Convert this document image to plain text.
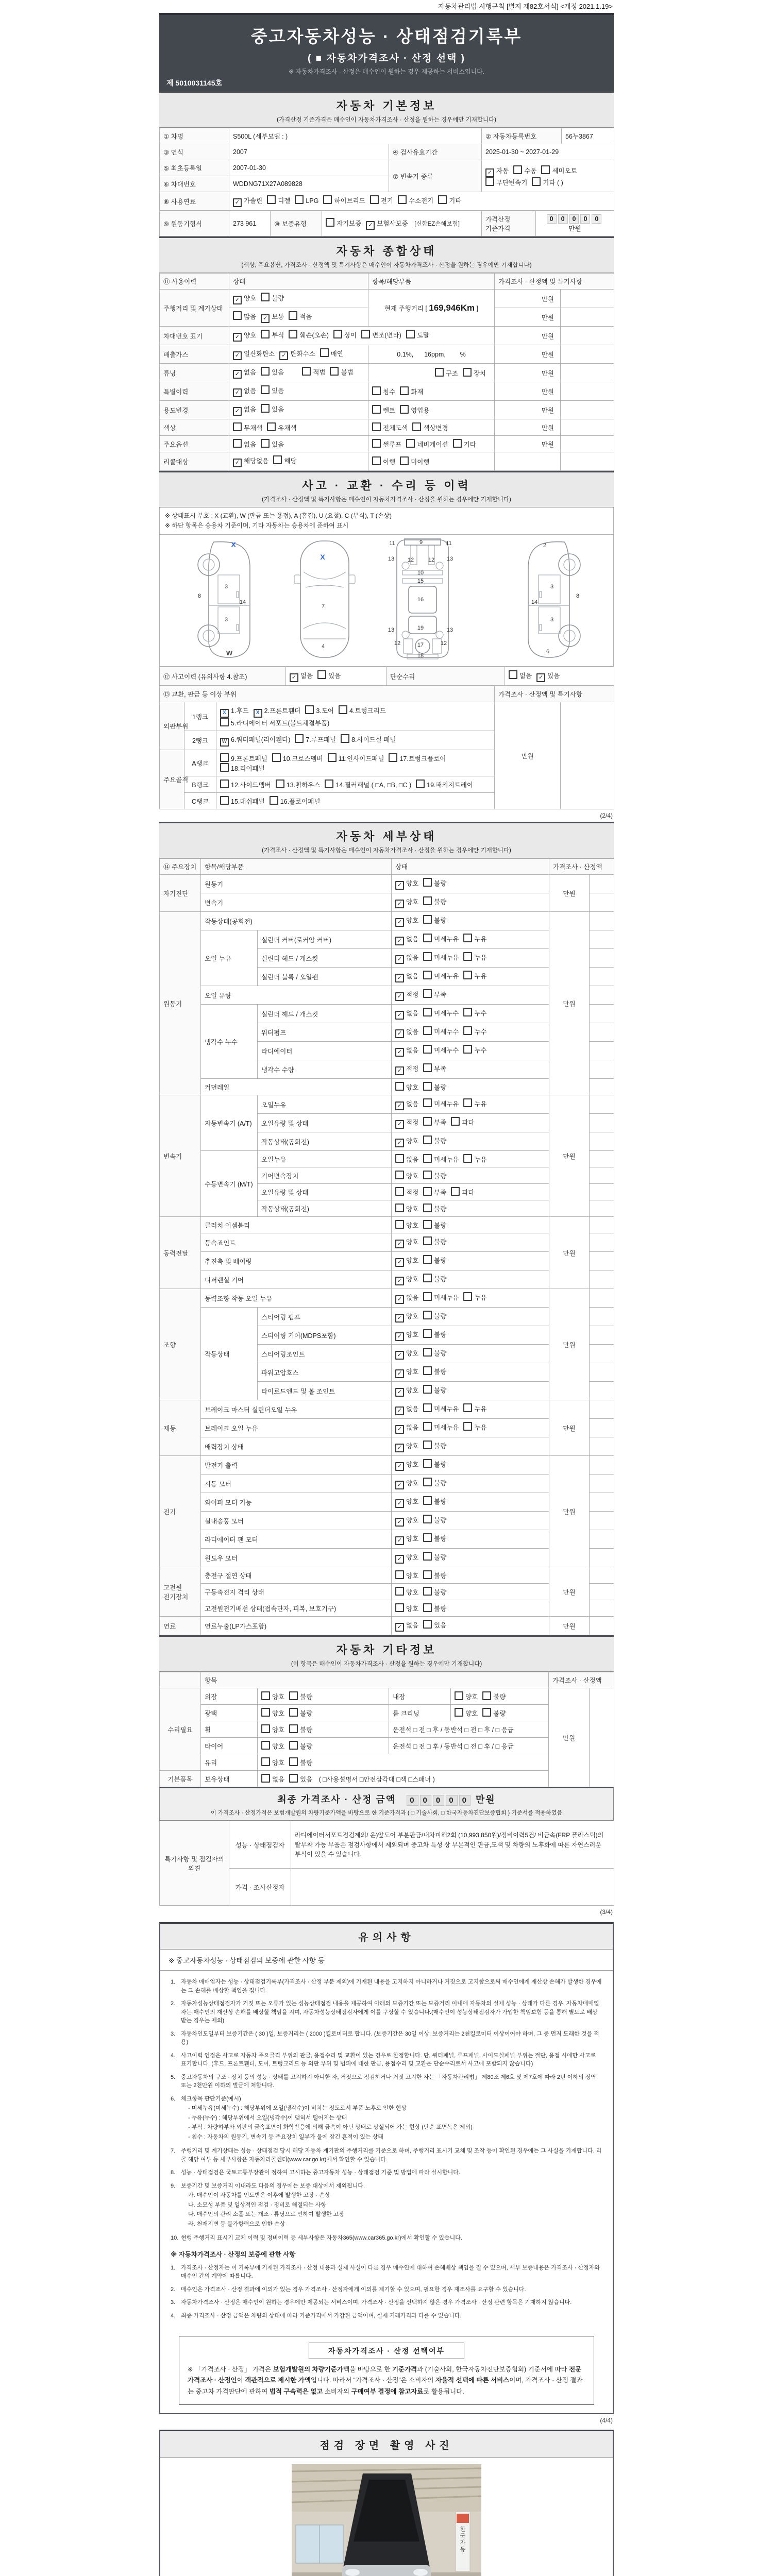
자동차관리법 시행규칙 [별지 제82호서식] <개정 2021.1.19>
중고자동차성능 · 상태점검기록부
( ■ 자동차가격조사 · 산정 선택 )
※ 자동차가격조사 · 산정은 매수인이 원하는 경우 제공하는 서비스입니다.
제 5010031145호
자동차 기본정보
(가격산정 기준가격은 매수인이 자동차가격조사 · 산정을 원하는 경우에만 기재합니다)
① 차명	S500L (세부모델 : )		② 자동차등록번호	56누3867
③ 연식	2007	④ 검사유효기간	2025-01-30 ~ 2027-01-29	
⑤ 최초등록일	2007-01-30	⑦ 변속기 종류	✓ 자동 수동 세미오토
무단변속기 기타 ( )	
⑥ 차대번호	WDDNG71X27A089828			
⑧ 사용연료	✓ 가솔린 디젤 LPG 하이브리드 전기 수소전기 기타			
⑨ 원동기형식	273 961	⑩ 보증유형	자기보증 ✓ 보험사보증 [신한EZ손해보험]	가격산정 기준가격	0 0 0 0 0 만원
자동차 종합상태
(색상, 주요옵션, 가격조사 · 산정액 및 특기사항은 매수인이 자동차가격조사 · 산정을 원하는 경우에만 기재합니다)
⑪ 사용이력	상태	항목/해당부품	가격조사 · 산정액 및 특기사항	
주행거리 및 계기상태	✓ 양호 불량	현재 주행거리 [ 169,946Km ]	만원	
	많음 ✓ 보통 적음		만원	
차대번호 표기	✓ 양호 부식 훼손(오손) 상이 변조(변타) 도말		만원	
배출가스	✓ 일산화탄소 ✓ 탄화수소 매연	0.1%,      16ppm,        %	만원	
튜닝	✓ 없음 있음 적법 불법	구조 장치	만원	
특별이력	✓ 없음 있음	침수 화재	만원	
용도변경	✓ 없음 있음	렌트 영업용	만원	
색상	무채색 유채색	전체도색 색상변경	만원	
주요옵션	없음 있음	썬루프 네비게이션 기타	만원	
리콜대상	✓ 해당없음 해당	이행 미이행		
사고 · 교환 · 수리 등 이력
(가격조사 · 산정액 및 특기사항은 매수인이 자동차가격조사 · 산정을 원하는 경우에만 기재합니다)
※ 상태표시 부호 : X (교환), W (판금 또는 용접), A (흠집), U (요철), C (부식), T (손상)
※ 하단 항목은 승용차 기준이며, 기타 자동차는 승용차에 준하여 표시
X
8
3
3
14
W
X
7
4
11	9	11
13 12	12 13
10
15
16
13	19	13
12	17	12
18
2
8
3
3
14
6
⑫ 사고이력 (유의사항 4.참조)	✓ 없음 있음	단순수리	없음 ✓ 있음
⑬ 교환, 판금 등 이상 부위			가격조사 · 산정액 및 특기사항	
외판부위	1랭크	X 1.후드 X 2.프론트휀더 3.도어 4.트렁크리드5.라디에이터 서포트(볼트체결부품)	만원	
	2랭크	W 6.쿼터패널(리어휀다) 7.루프패널 8.사이드실 패널		
주요골격	A랭크	9.프론트패널 10.크로스멤버 11.인사이드패널 17.트렁크플로어18.리어패널		
	B랭크	12.사이드멤버 13.휠하우스 14.필러패널 ( □A, □B, □C ) 19.패키지트레이		
	C랭크	15.대쉬패널 16.플로어패널		
(2/4)
자동차 세부상태
(가격조사 · 산정액 및 특기사항은 매수인이 자동차가격조사 · 산정을 원하는 경우에만 기재합니다)
⑭ 주요장치	항목/해당부품		상태	가격조사 · 산정액	
자기진단	원동기		✓ 양호 불량	만원	
	변속기		✓ 양호 불량		
원동기	작동상태(공회전)		✓ 양호 불량	만원	
	오일 누유	실린더 커버(로커암 커버)	✓ 없음 미세누유 누유		
		실린더 헤드 / 개스킷	✓ 없음 미세누유 누유		
		실린더 블록 / 오일팬	✓ 없음 미세누유 누유		
	오일 유량		✓ 적정 부족		
	냉각수 누수	실린더 헤드 / 개스킷	✓ 없음 미세누수 누수		
		워터펌프	✓ 없음 미세누수 누수		
		라디에이터	✓ 없음 미세누수 누수		
		냉각수 수량	✓ 적정 부족		
	커먼레일		양호 불량		
변속기	자동변속기 (A/T)	오일누유	✓ 없음 미세누유 누유	만원	
		오일유량 및 상태	✓ 적정 부족 과다		
		작동상태(공회전)	✓ 양호 불량		
	수동변속기 (M/T)	오일누유	없음 미세누유 누유		
		기어변속장치	양호 불량		
		오일유량 및 상태	적정 부족 과다		
		작동상태(공회전)	양호 불량		
동력전달	클러치 어셈블리		양호 불량	만원	
	등속죠인트		✓ 양호 불량		
	추진축 및 베어링		✓ 양호 불량		
	디퍼렌셜 기어		✓ 양호 불량		
조향	동력조향 작동 오일 누유		✓ 없음 미세누유 누유	만원	
	작동상태	스티어링 펌프	✓ 양호 불량		
		스티어링 기어(MDPS포함)	✓ 양호 불량		
		스티어링조인트	✓ 양호 불량		
		파워고압호스	✓ 양호 불량		
		타이로드엔드 및 볼 조인트	✓ 양호 불량		
제동	브레이크 마스터 실린더오일 누유		✓ 없음 미세누유 누유	만원	
	브레이크 오일 누유		✓ 없음 미세누유 누유		
	배력장치 상태		✓ 양호 불량		
전기	발전기 출력		✓ 양호 불량	만원	
	시동 모터		✓ 양호 불량		
	와이퍼 모터 기능		✓ 양호 불량		
	실내송풍 모터		✓ 양호 불량		
	라디에이터 팬 모터		✓ 양호 불량		
	윈도우 모터		✓ 양호 불량		
고전원 전기장치	충전구 절연 상태		양호 불량	만원	
	구동축전지 격리 상태		양호 불량		
	고전원전기배선 상태(접속단자, 피복, 보호기구)		양호 불량		
연료	연료누출(LP가스포함)		✓ 없음 있음	만원	
자동차 기타정보
(이 항목은 매수인이 자동차가격조사 · 산정을 원하는 경우에만 기재합니다)
	항목				가격조사 · 산정액	
수리필요	외장	양호 불량	내장	양호 불량	만원	
	광택	양호 불량	룸 크리닝	양호 불량		
	휠	양호 불량	운전석 □ 전 □ 후 / 동반석 □ 전 □ 후 / □ 응급			
	타이어	양호 불량	운전석 □ 전 □ 후 / 동반석 □ 전 □ 후 / □ 응급			
	유리	양호 불량				
기본품목	보유상태	없음 있음 ( □사용설명서 □안전삼각대 □잭 □스패너 )				
최종 가격조사 · 산정 금액 0 0 0 0 0 만원
이 가격조사 · 산정가격은 보험개발원의 차량기준가액을 바탕으로 한 기준가격과 ( □ 기술사회, □ 한국자동차진단보증협회 ) 기준서를 적용하였음
특기사항 및 점검자의 의견	성능 · 상태점검자	라디에이터서포트점검제외/ 운)앞도어 부분판금/내차피해2회 (10,993,850원)/정비이력5건/ 비금속(FRP 플라스틱)의 탈부착 가능 부품은 점검사항에서 제외되며 중고차 특성 상 부분적인 판금,도색 및 차량의 노후화에 따른 자연스러운 부식이 있을 수 있습니다.
	가격 · 조사산정자	
(3/4)
유의사항
※ 중고자동차성능 · 상태점검의 보증에 관한 사항 등
1. 자동차 매매업자는 성능 · 상태점검기록부(가격조사 · 산정 부분 제외)에 기재된 내용을 고지하지 아니하거나 거짓으로 고지함으로써 매수인에게 재산상 손해가 발생한 경우에는 그 손해를 배상할 책임을 집니다.
2. 자동차성능상태점검자가 거짓 또는 오류가 있는 성능상태점검 내용을 제공하여 아래의 보증기간 또는 보증거리 이내에 자동차의 실제 성능 · 상태가 다른 경우, 자동차매매업자는 매수인의 재산상 손해를 배상할 책임을 지며, 자동차성능상태점검자에게 이를 구상할 수 있습니다.(매수인이 성능상태점검자가 가입한 책임보험 등을 통해 별도로 배상받는 경우는 제외)
3. 자동차인도일부터 보증기간은 ( 30 )일, 보증거리는 ( 2000 )킬로미터로 합니다. (보증기간은 30일 이상, 보증거리는 2천킬로미터 이상이어야 하며, 그 중 먼저 도래한 것을 적용)
4. 사고이력 인정은 사고로 자동차 주요골격 부위의 판금, 용접수리 및 교환이 있는 경우로 한정합니다. 단, 쿼터패널, 루프패널, 사이드실패널 부위는 절단, 용접 시에만 사고로 표기합니다. (후드, 프론트휀더, 도어, 트렁크리드 등 외판 부위 및 범퍼에 대한 판금, 용접수리 및 교환은 단순수리로서 사고에 포함되지 않습니다)
5. 중고자동차의 구조 · 장치 등의 성능 · 상태를 고지하지 아니한 자, 거짓으로 점검하거나 거짓 고지한 자는 「자동차관리법」 제80조 제6호 및 제7호에 따라 2년 이하의 징역 또는 2천만원 이하의 벌금에 처합니다.
6. 체크항목 판단기준(예시)
- 미세누유(미세누수) : 해당부위에 오일(냉각수)이 비치는 정도로서 부품 노후로 인한 현상
- 누유(누수) : 해당부위에서 오일(냉각수)이 맺혀서 떨어지는 상태
- 부식 : 차량하부와 외판의 금속표면이 화학반응에 의해 금속이 아닌 상태로 상실되어 가는 현상 (단순 표면녹은 제외)
- 침수 : 자동차의 원동기, 변속기 등 주요장치 일부가 물에 잠긴 흔적이 있는 상태
7. 주행거리 및 계기상태는 성능 · 상태점검 당시 해당 자동차 계기판의 주행거리를 기준으로 하며, 주행거리 표시기 교체 및 조작 등이 확인된 경우에는 그 사실을 기재합니다. 리콜 해당 여부 등 세부사항은 자동차리콜센터(www.car.go.kr)에서 확인할 수 있습니다.
8. 성능 · 상태점검은 국토교통부장관이 정하여 고시하는 중고자동차 성능 · 상태점검 기준 및 방법에 따라 실시합니다.
9. 보증기간 및 보증거리 이내라도 다음의 경우에는 보증 대상에서 제외됩니다.
가. 매수인이 자동차를 인도받은 이후에 발생한 고장 · 손상
나. 소모성 부품 및 일상적인 점검 · 정비로 해결되는 사항
다. 매수인의 관리 소홀 또는 개조 · 튜닝으로 인하여 발생한 고장
라. 천재지변 등 불가항력으로 인한 손상
10. 현행 주행거리 표시기 교체 이력 및 정비이력 등 세부사항은 자동차365(www.car365.go.kr)에서 확인할 수 있습니다.
※ 자동차가격조사 · 산정의 보증에 관한 사항
1. 가격조사 · 산정자는 이 기록부에 기재된 가격조사 · 산정 내용과 실제 사실이 다른 경우 매수인에 대하여 손해배상 책임을 질 수 있으며, 세부 보증내용은 가격조사 · 산정자와 매수인 간의 계약에 따릅니다.
2. 매수인은 가격조사 · 산정 결과에 이의가 있는 경우 가격조사 · 산정자에게 이의를 제기할 수 있으며, 필요한 경우 재조사를 요구할 수 있습니다.
3. 자동차가격조사 · 산정은 매수인이 원하는 경우에만 제공되는 서비스이며, 가격조사 · 산정을 선택하지 않은 경우 가격조사 · 산정 관련 항목은 기재하지 않습니다.
4. 최종 가격조사 · 산정 금액은 차량의 상태에 따라 기준가격에서 가감된 금액이며, 실제 거래가격과 다를 수 있습니다.
자동차가격조사 · 산정 선택여부
※ 「가격조사 · 산정」 가격은 보험개발원의 차량기준가액을 바탕으로 한 기준가격과 (기술사회, 한국자동차진단보증협회) 기준서에 따라 전문 가격조사 · 산정인이 객관적으로 제시한 가액입니다. 따라서 “가격조사 · 산정”은 소비자의 자율적 선택에 따른 서비스이며, 가격조사 · 산정 결과는 중고차 가격판단에 관하여 법적 구속력은 없고 소비자의 구매여부 결정에 참고자료로 활용됩니다.
(4/4)
점검 장면 촬영 사진
한 국 자 동
